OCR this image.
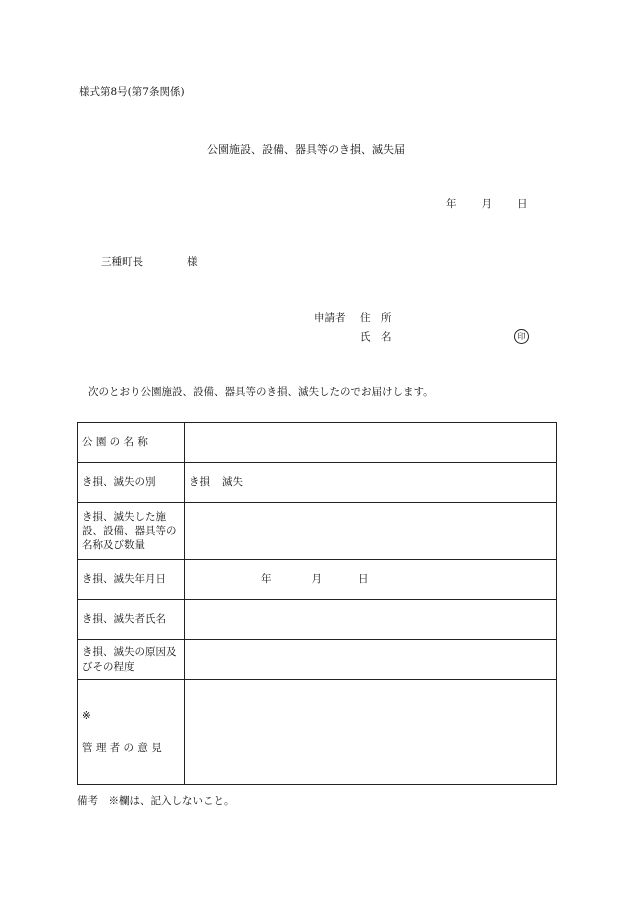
様式第8号(第7条関係)
公園施設、設備、器具等のき損、滅失届
年 月 日
三種町長	様
申請者 住　所
氏　名	印
次のとおり公園施設、設備、器具等のき損、滅失したのでお届けします。
公 園 の 名 称	
き損、滅失の別	き損 滅失
き損、滅失した施設、設備、器具等の名称及び数量	
き損、滅失年月日	年 月 日
き損、滅失者氏名	
き損、滅失の原因及びその程度	

※
管 理 者 の 意 見	
備考　※欄は、記入しないこと。
